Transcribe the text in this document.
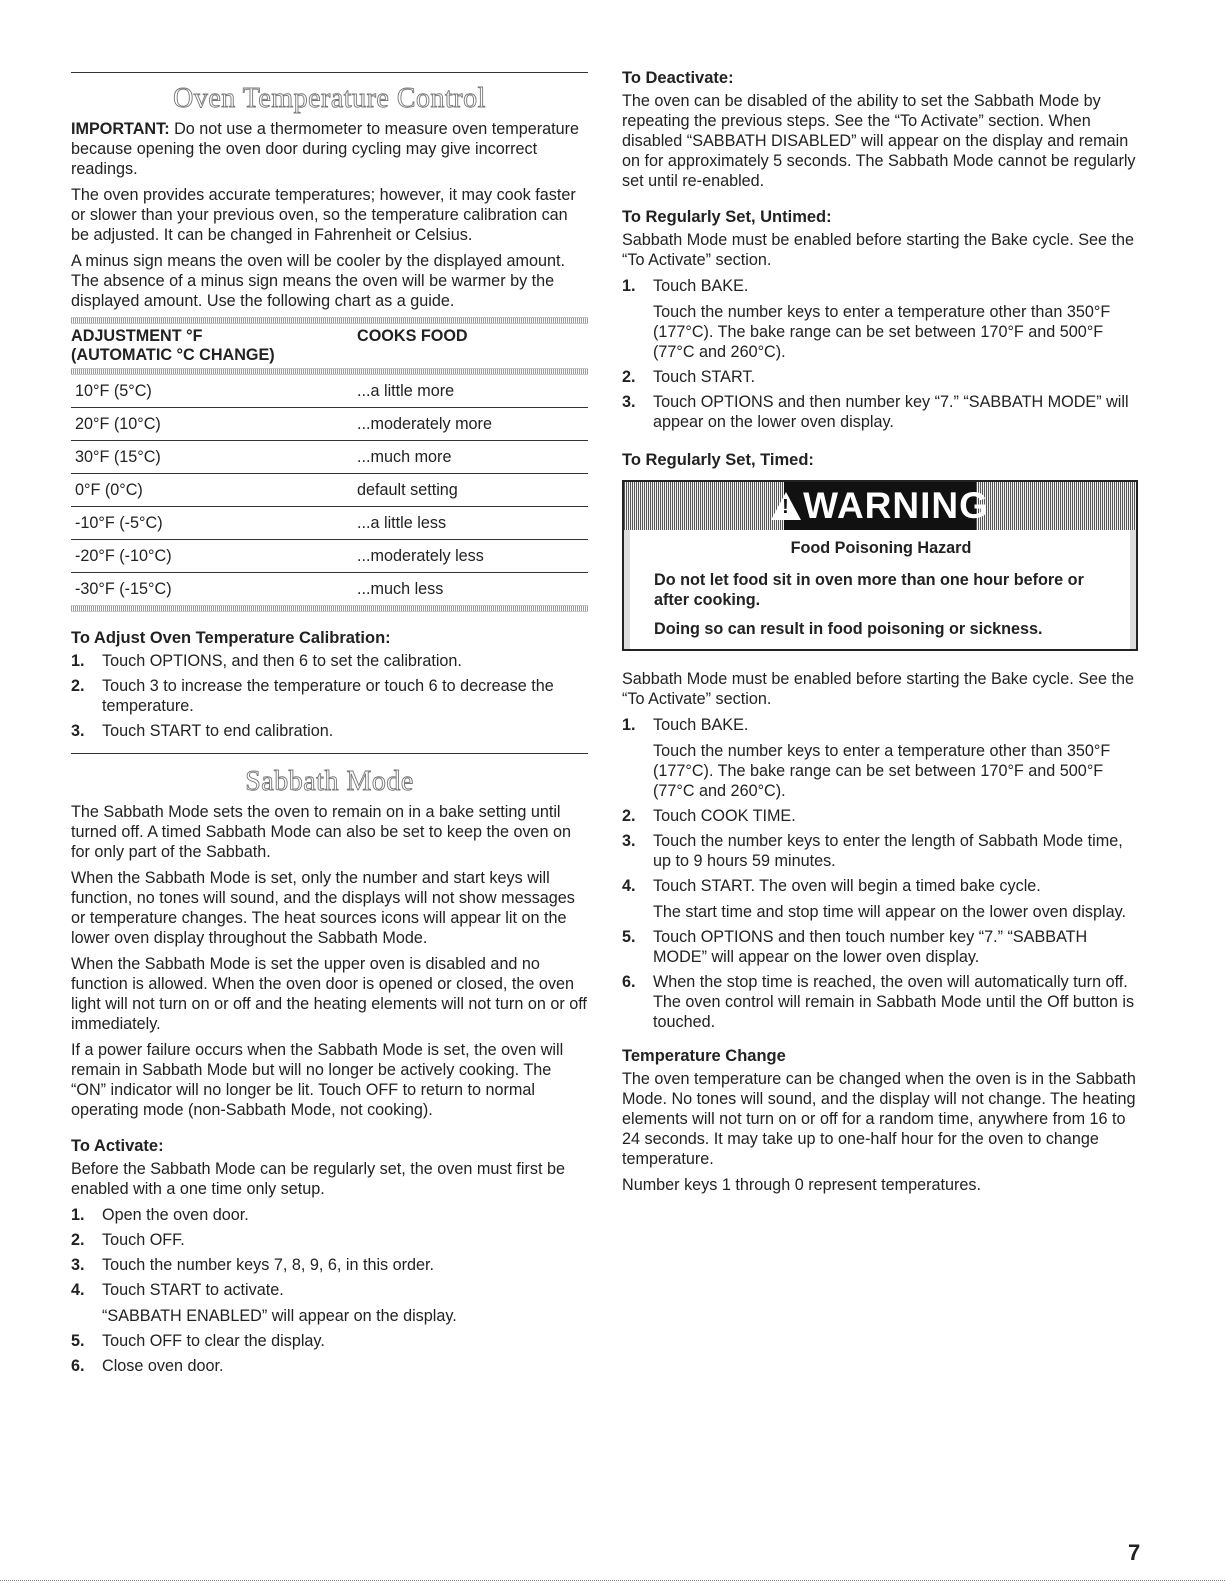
Oven Temperature Control

IMPORTANT: Do not use a thermometer to measure oven temperature because opening the oven door during cycling may give incorrect readings.

The oven provides accurate temperatures; however, it may cook faster or slower than your previous oven, so the temperature calibration can be adjusted. It can be changed in Fahrenheit or Celsius.

A minus sign means the oven will be cooler by the displayed amount. The absence of a minus sign means the oven will be warmer by the displayed amount. Use the following chart as a guide.

ADJUSTMENT °F
(AUTOMATIC °C CHANGE)	COOKS FOOD
10°F (5°C)	...a little more
20°F (10°C)	...moderately more
30°F (15°C)	...much more
0°F (0°C)	default setting
-10°F (-5°C)	...a little less
-20°F (-10°C)	...moderately less
-30°F (-15°C)	...much less
To Adjust Oven Temperature Calibration:
1. Touch OPTIONS, and then 6 to set the calibration.
2. Touch 3 to increase the temperature or touch 6 to decrease the temperature.
3. Touch START to end calibration.
Sabbath Mode

The Sabbath Mode sets the oven to remain on in a bake setting until turned off. A timed Sabbath Mode can also be set to keep the oven on for only part of the Sabbath.

When the Sabbath Mode is set, only the number and start keys will function, no tones will sound, and the displays will not show messages or temperature changes. The heat sources icons will appear lit on the lower oven display throughout the Sabbath Mode.

When the Sabbath Mode is set the upper oven is disabled and no function is allowed. When the oven door is opened or closed, the oven light will not turn on or off and the heating elements will not turn on or off immediately.

If a power failure occurs when the Sabbath Mode is set, the oven will remain in Sabbath Mode but will no longer be actively cooking. The “ON” indicator will no longer be lit. Touch OFF to return to normal operating mode (non-Sabbath Mode, not cooking).

To Activate:

Before the Sabbath Mode can be regularly set, the oven must first be enabled with a one time only setup.

1. Open the oven door.
2. Touch OFF.
3. Touch the number keys 7, 8, 9, 6, in this order.
4. Touch START to activate.
“SABBATH ENABLED” will appear on the display.
5. Touch OFF to clear the display.
6. Close oven door.
To Deactivate:

The oven can be disabled of the ability to set the Sabbath Mode by repeating the previous steps. See the “To Activate” section. When disabled “SABBATH DISABLED” will appear on the display and remain on for approximately 5 seconds. The Sabbath Mode cannot be regularly set until re-enabled.

To Regularly Set, Untimed:

Sabbath Mode must be enabled before starting the Bake cycle. See the “To Activate” section.

1. Touch BAKE.
Touch the number keys to enter a temperature other than 350°F (177°C). The bake range can be set between 170°F and 500°F (77°C and 260°C).
2. Touch START.
3. Touch OPTIONS and then number key “7.” “SABBATH MODE” will appear on the lower oven display.
To Regularly Set, Timed:
! WARNING
Food Poisoning Hazard
Do not let food sit in oven more than one hour before or after cooking.
Doing so can result in food poisoning or sickness.

Sabbath Mode must be enabled before starting the Bake cycle. See the “To Activate” section.

1. Touch BAKE.
Touch the number keys to enter a temperature other than 350°F (177°C). The bake range can be set between 170°F and 500°F (77°C and 260°C).
2. Touch COOK TIME.
3. Touch the number keys to enter the length of Sabbath Mode time, up to 9 hours 59 minutes.
4. Touch START. The oven will begin a timed bake cycle.
The start time and stop time will appear on the lower oven display.
5. Touch OPTIONS and then touch number key “7.” “SABBATH MODE” will appear on the lower oven display.
6. When the stop time is reached, the oven will automatically turn off. The oven control will remain in Sabbath Mode until the Off button is touched.
Temperature Change

The oven temperature can be changed when the oven is in the Sabbath Mode. No tones will sound, and the display will not change. The heating elements will not turn on or off for a random time, anywhere from 16 to 24 seconds. It may take up to one-half hour for the oven to change temperature.

Number keys 1 through 0 represent temperatures.

7
